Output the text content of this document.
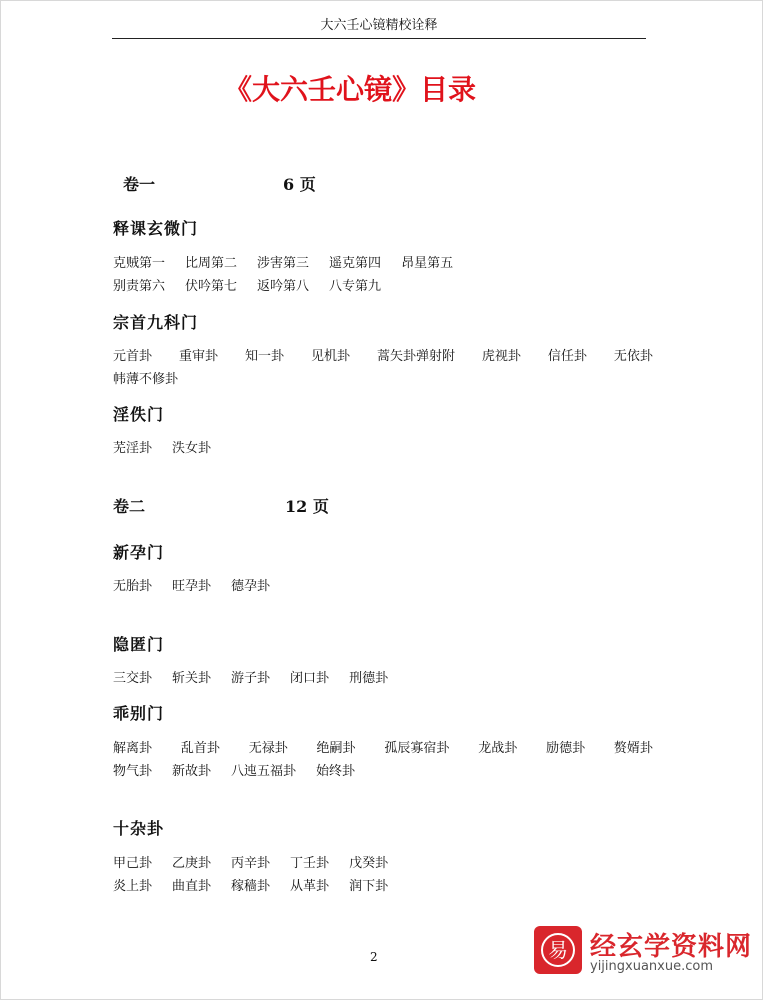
大六壬心镜精校诠释
《大六壬心镜》目录
卷一	6 页
释课玄微门
克贼第一 比周第二 涉害第三 遥克第四 昂星第五
别责第六 伏吟第七 返吟第八 八专第九
宗首九科门
元首卦 重审卦 知一卦 见机卦 蒿矢卦弹射附 虎视卦 信任卦 无依卦
帏薄不修卦
淫佚门
芜淫卦 泆女卦
卷二	12 页
新孕门
无胎卦 旺孕卦 德孕卦
隐匿门
三交卦 斩关卦 游子卦 闭口卦 刑德卦
乖别门
解离卦 乱首卦 无禄卦 绝嗣卦 孤辰寡宿卦 龙战卦 励德卦 赘婿卦
物气卦 新故卦 八迍五福卦 始终卦
十杂卦
甲己卦 乙庚卦 丙辛卦 丁壬卦 戊癸卦
炎上卦 曲直卦 稼穑卦 从革卦 润下卦
2	易 经玄学资料网
yijingxuanxue.com
